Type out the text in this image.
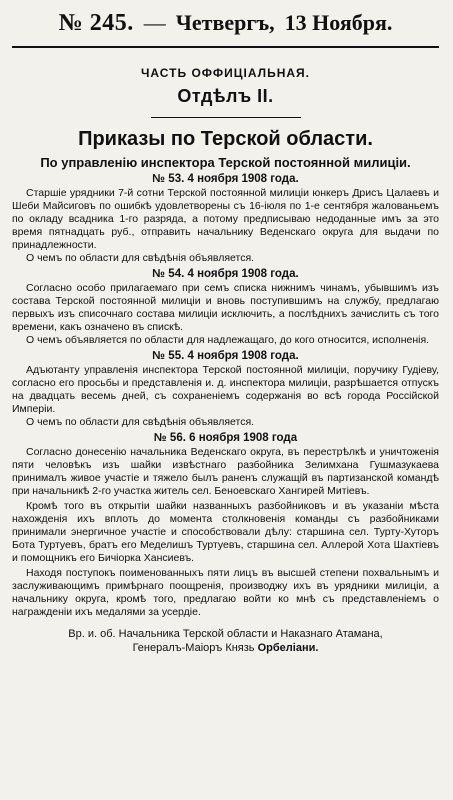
№ 245. — Четвергъ, 13 Ноября.
ЧАСТЬ ОФФИЦІАЛЬНАЯ.
Отдѣлъ II.
Приказы по Терской области.
По управленію инспектора Терской постоянной милиціи.
№ 53. 4 ноября 1908 года.

Старшіе урядники 7-й сотни Терской постоянной милиціи юнкеръ Дрисъ Цалаевъ и Шеби Майсиговъ по ошибкѣ удовлетворены съ 16-іюля по 1-е сентября жалованьемъ по окладу всадника 1-го разряда, а потому предписываю недоданные имъ за это время пятнадцать руб., отправить начальнику Веденскаго округа для выдачи по принадлежности.

О чемъ по области для свѣдѣнія объявляется.

№ 54. 4 ноября 1908 года.

Согласно особо прилагаемаго при семъ списка нижнимъ чинамъ, убывшимъ изъ состава Терской постоянной милиціи и вновь поступившимъ на службу, предлагаю первыхъ изъ списочнаго состава милиціи исключить, а послѣднихъ зачислить съ того времени, какъ означено въ спискѣ.

О чемъ объявляется по области для надлежащаго, до кого относится, исполненія.

№ 55. 4 ноября 1908 года.

Адъютанту управленія инспектора Терской постоянной милиціи, поручику Гудіеву, согласно его просьбы и представленія и. д. инспектора милиціи, разрѣшается отпускъ на двадцать весемь дней, съ сохраненіемъ содержанія во всѣ города Россійской Имперіи.

О чемъ по области для свѣдѣнія объявляется.

№ 56. 6 ноября 1908 года

Согласно донесенію начальника Веденскаго округа, въ перестрѣлкѣ и уничтоженія пяти человѣкъ изъ шайки извѣстнаго разбойника Зелимхана Гушмазукаева принималъ живое участіе и тяжело былъ раненъ служащій въ партизанской командѣ при начальникѣ 2-го участка житель сел. Беноевскаго Хангирей Митіевъ.

Кромѣ того въ открытіи шайки названныхъ разбойниковъ и въ указаніи мѣста нахожденія ихъ вплоть до момента столкновенія команды съ разбойниками принимали энергичное участіе и способствовали дѣлу: старшина сел. Турту-Хуторъ Бота Туртуевъ, братъ его Меделишъ Туртуевъ, старшина сел. Аллерой Хота Шахтіевъ и помощникъ его Бичіорка Хансиевъ.

Находя поступокъ поименованныхъ пяти лицъ въ высшей степени похвальнымъ и заслуживающимъ примѣрнаго поощренія, производжу ихъ въ урядники милиціи, а начальнику округа, кромѣ того, предлагаю войти ко мнѣ съ представленіемъ о награжденіи ихъ медалями за усердіе.

Вр. и. об. Начальника Терской области и Наказнаго Атамана,
Генералъ-Маіоръ Князь Орбеліани.
